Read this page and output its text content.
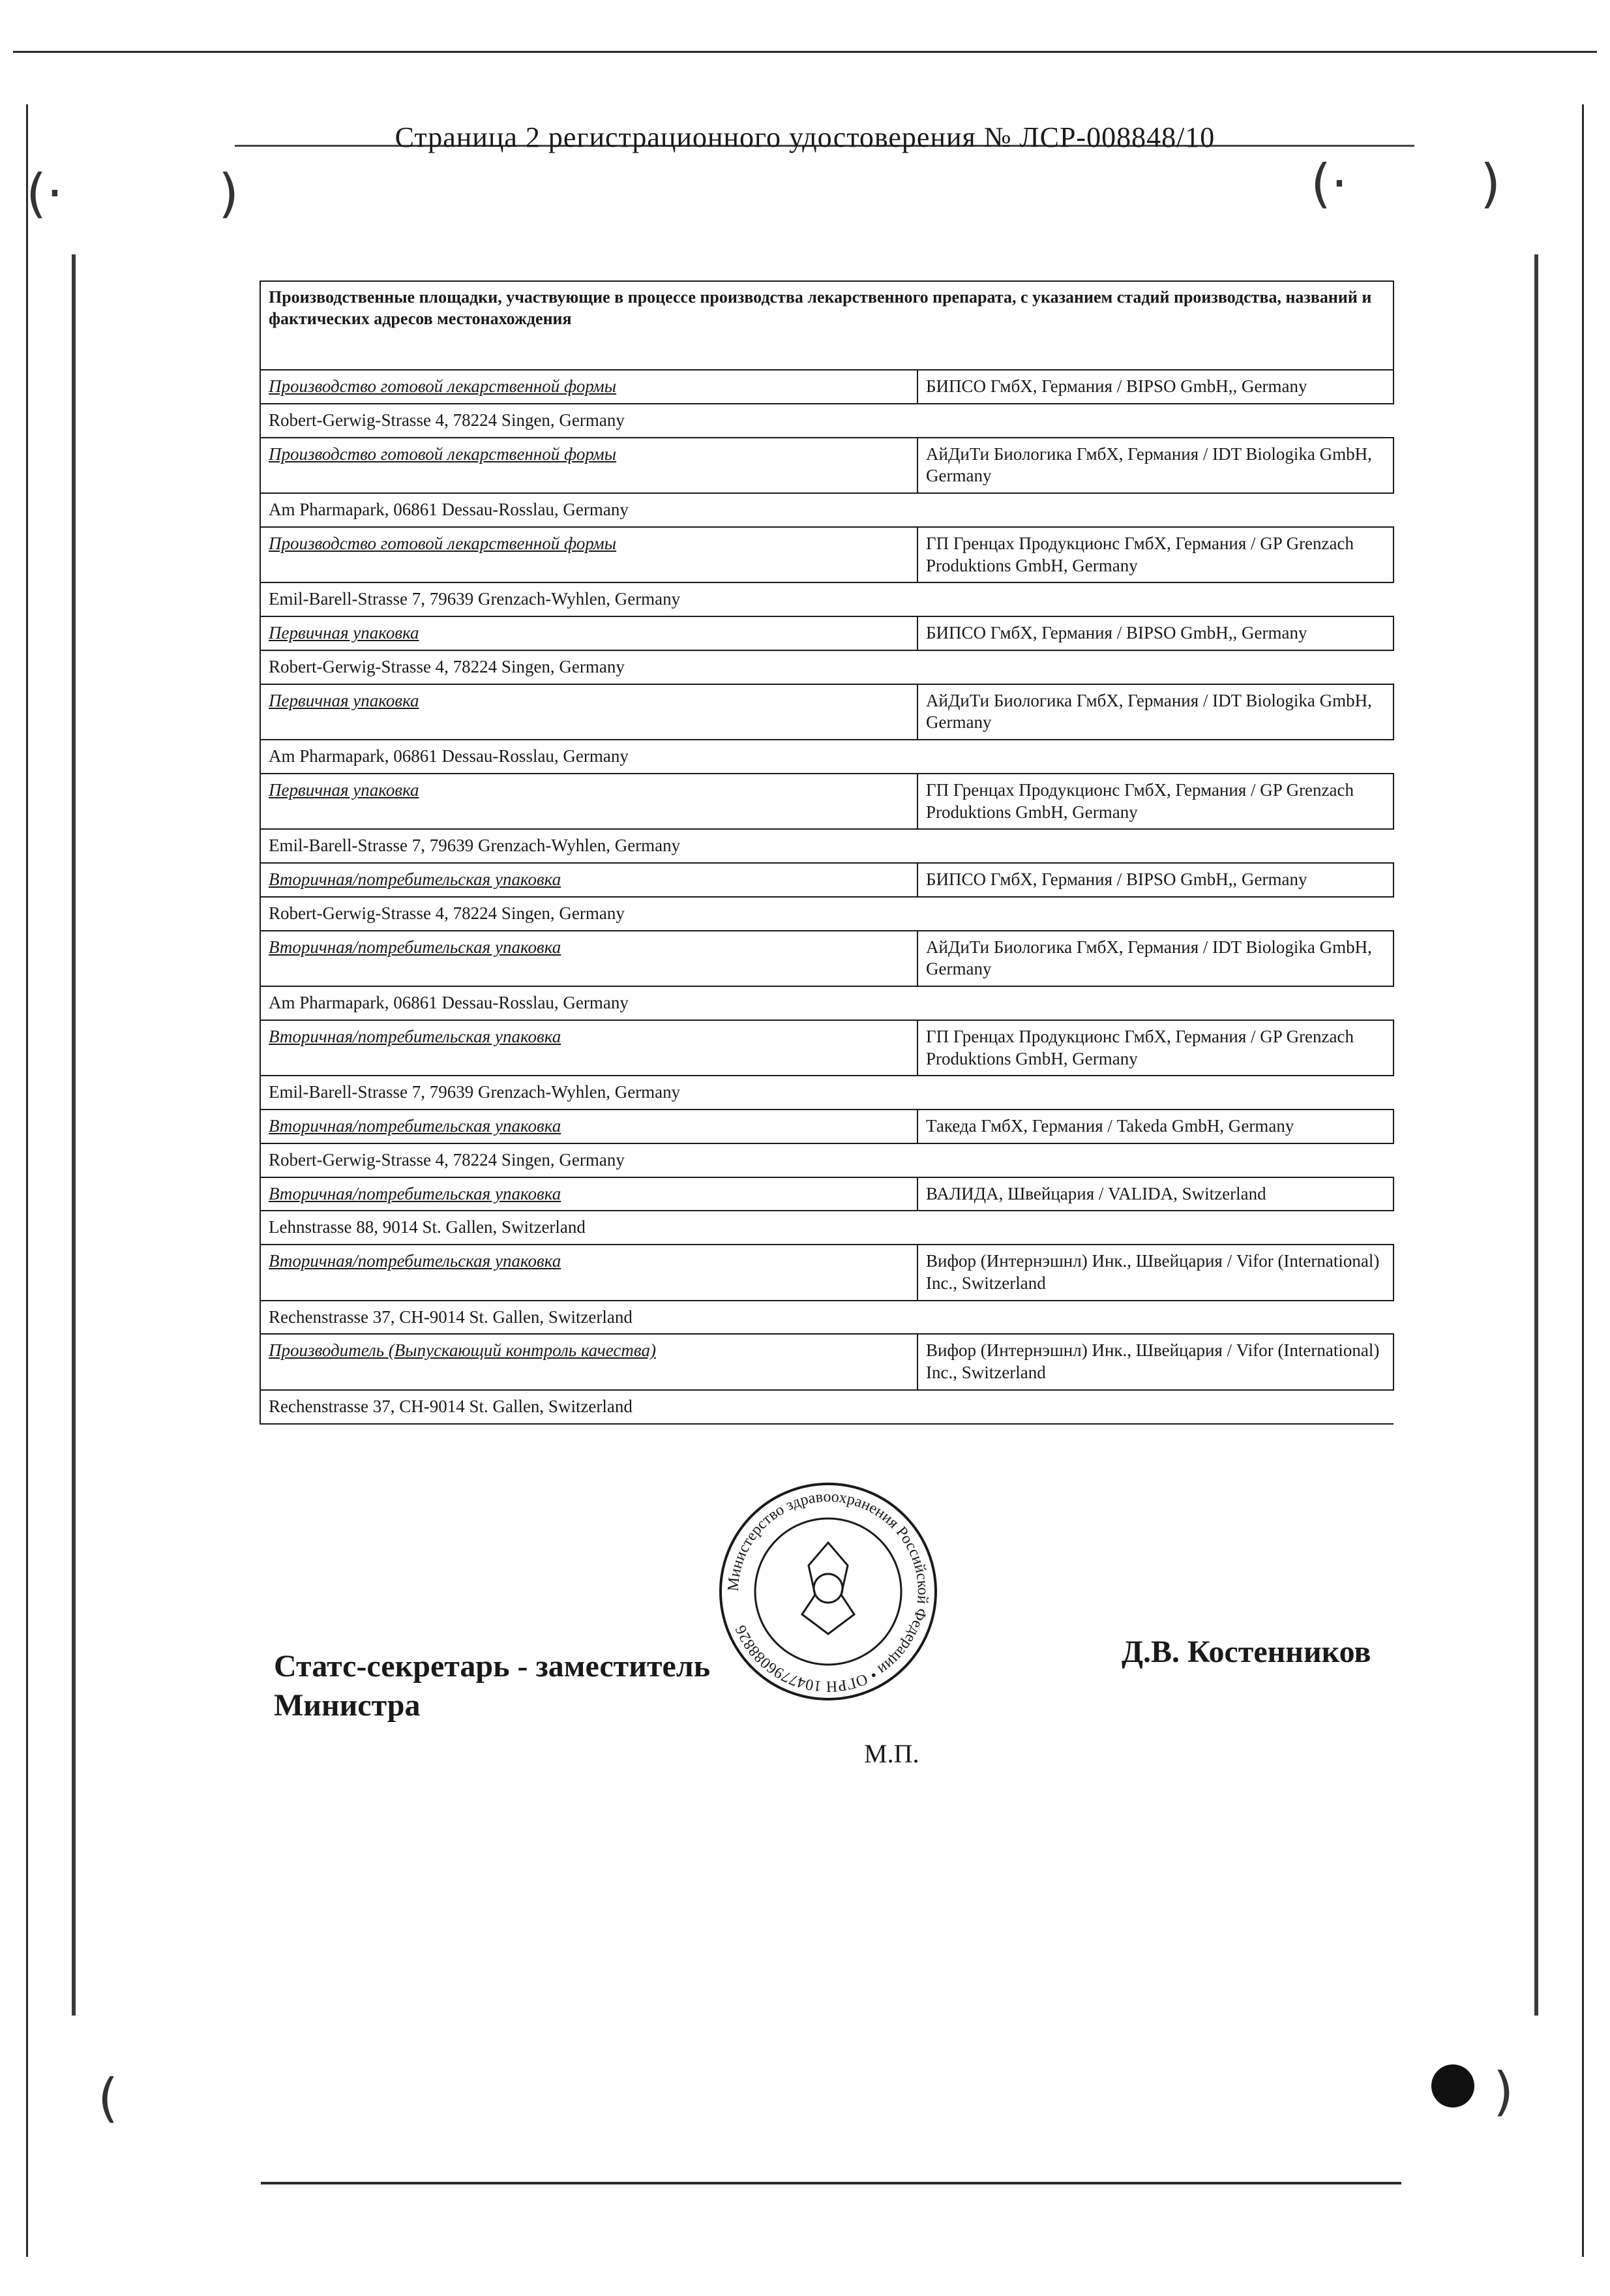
(·	)	(·	)
(	)
Страница 2 регистрационного удостоверения № ЛСР-008848/10
Производственные площадки, участвующие в процессе производства лекарственного препарата, с указанием стадий производства, названий и фактических адресов местонахождения	
Производство готовой лекарственной формы	БИПСО ГмбХ, Германия / BIPSO GmbH,, Germany
Robert-Gerwig-Strasse 4, 78224 Singen, Germany	
Производство готовой лекарственной формы	АйДиТи Биологика ГмбХ, Германия / IDT Biologika GmbH, Germany
Am Pharmapark, 06861 Dessau-Rosslau, Germany	
Производство готовой лекарственной формы	ГП Гренцах Продукционс ГмбХ, Германия / GP Grenzach Produktions GmbH, Germany
Emil-Barell-Strasse 7, 79639 Grenzach-Wyhlen, Germany	
Первичная упаковка	БИПСО ГмбХ, Германия / BIPSO GmbH,, Germany
Robert-Gerwig-Strasse 4, 78224 Singen, Germany	
Первичная упаковка	АйДиТи Биологика ГмбХ, Германия / IDT Biologika GmbH, Germany
Am Pharmapark, 06861 Dessau-Rosslau, Germany	
Первичная упаковка	ГП Гренцах Продукционс ГмбХ, Германия / GP Grenzach Produktions GmbH, Germany
Emil-Barell-Strasse 7, 79639 Grenzach-Wyhlen, Germany	
Вторичная/потребительская упаковка	БИПСО ГмбХ, Германия / BIPSO GmbH,, Germany
Robert-Gerwig-Strasse 4, 78224 Singen, Germany	
Вторичная/потребительская упаковка	АйДиТи Биологика ГмбХ, Германия / IDT Biologika GmbH, Germany
Am Pharmapark, 06861 Dessau-Rosslau, Germany	
Вторичная/потребительская упаковка	ГП Гренцах Продукционс ГмбХ, Германия / GP Grenzach Produktions GmbH, Germany
Emil-Barell-Strasse 7, 79639 Grenzach-Wyhlen, Germany	
Вторичная/потребительская упаковка	Такеда ГмбХ, Германия / Takeda GmbH, Germany
Robert-Gerwig-Strasse 4, 78224 Singen, Germany	
Вторичная/потребительская упаковка	ВАЛИДА, Швейцария / VALIDA, Switzerland
Lehnstrasse 88, 9014 St. Gallen, Switzerland	
Вторичная/потребительская упаковка	Вифор (Интернэшнл) Инк., Швейцария / Vifor (International) Inc., Switzerland
Rechenstrasse 37, CH-9014 St. Gallen, Switzerland	
Производитель (Выпускающий контроль качества)	Вифор (Интернэшнл) Инк., Швейцария / Vifor (International) Inc., Switzerland
Rechenstrasse 37, CH-9014 St. Gallen, Switzerland	
Статс-секретарь - заместитель
Министра
Д.В. Костенников
Министерство здравоохранения Российской Федерации • ОГРН 1047796088826
М.П.
